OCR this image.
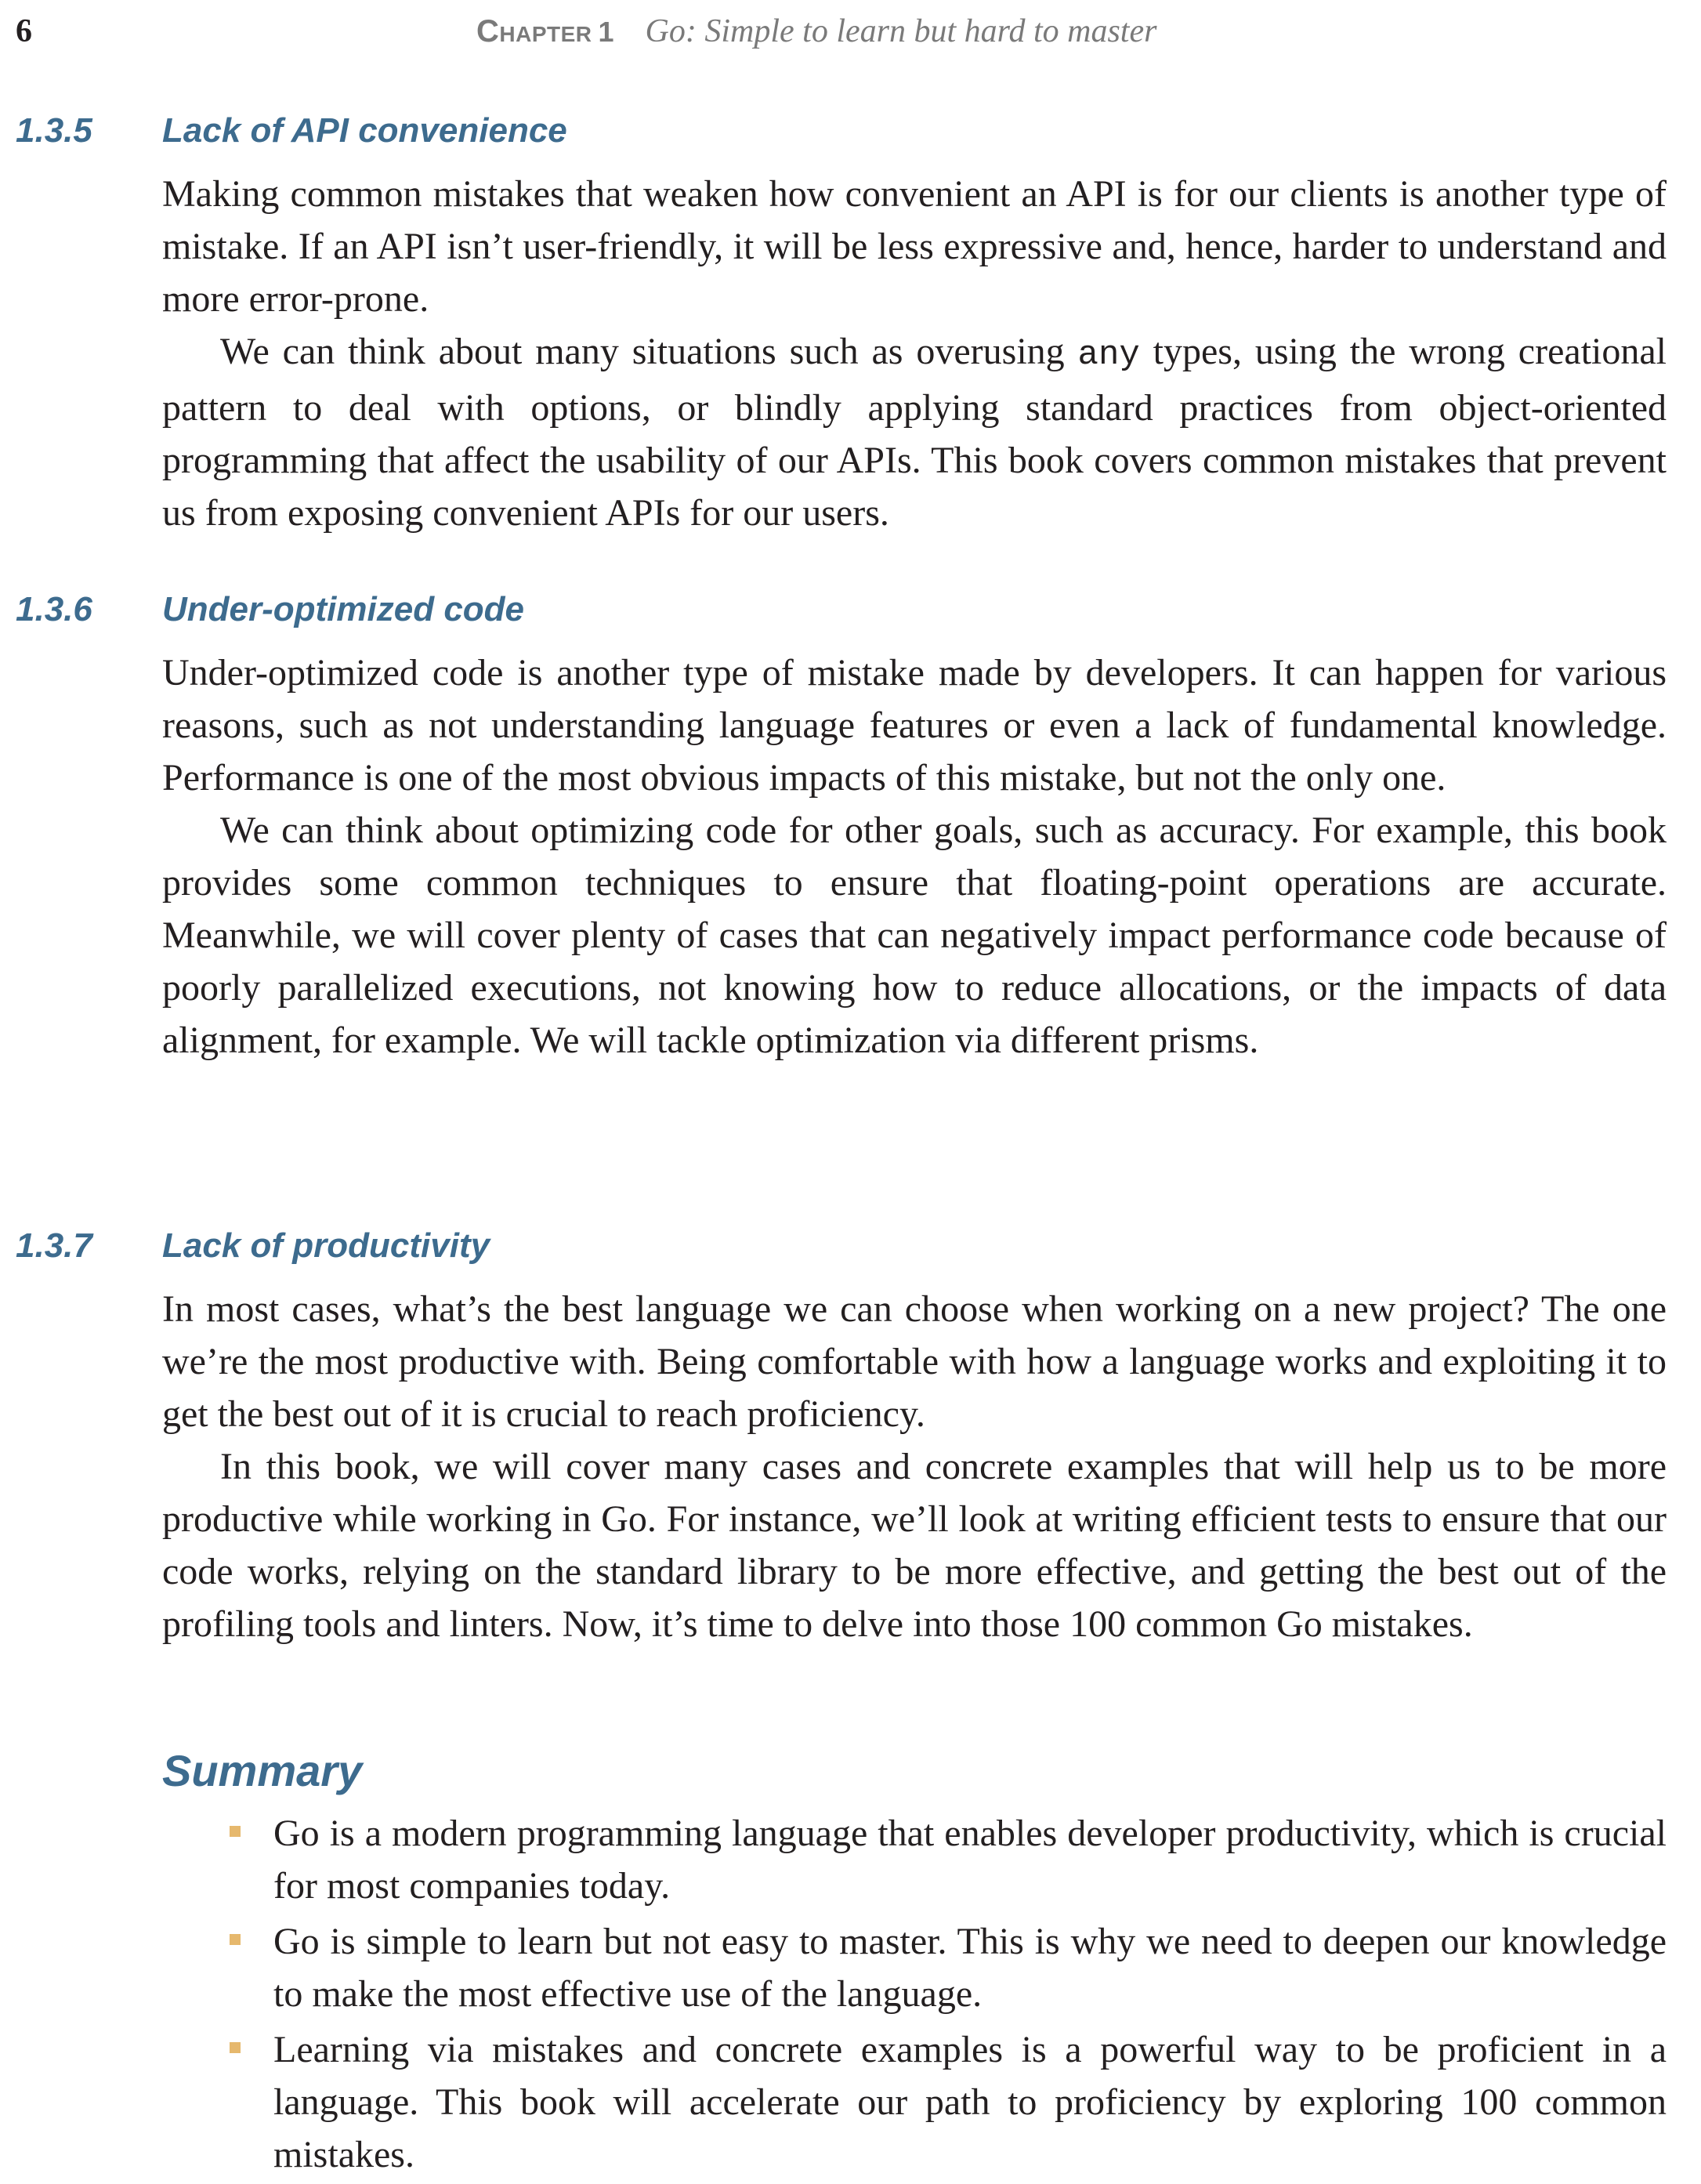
6	Chapter 1 Go: Simple to learn but hard to master
1.3.5 Lack of API convenience

Making common mistakes that weaken how convenient an API is for our clients is another type of mistake. If an API isn’t user-friendly, it will be less expressive and, hence, harder to understand and more error-prone.

We can think about many situations such as overusing any types, using the wrong creational pattern to deal with options, or blindly applying standard practices from object-oriented programming that affect the usability of our APIs. This book covers common mistakes that prevent us from exposing convenient APIs for our users.

1.3.6 Under-optimized code

Under-optimized code is another type of mistake made by developers. It can happen for various reasons, such as not understanding language features or even a lack of fundamental knowledge. Performance is one of the most obvious impacts of this mistake, but not the only one.

We can think about optimizing code for other goals, such as accuracy. For example, this book provides some common techniques to ensure that floating-point operations are accurate. Meanwhile, we will cover plenty of cases that can negatively impact performance code because of poorly parallelized executions, not knowing how to reduce allocations, or the impacts of data alignment, for example. We will tackle optimization via different prisms.

1.3.7 Lack of productivity

In most cases, what’s the best language we can choose when working on a new project? The one we’re the most productive with. Being comfortable with how a language works and exploiting it to get the best out of it is crucial to reach proficiency.

In this book, we will cover many cases and concrete examples that will help us to be more productive while working in Go. For instance, we’ll look at writing efficient tests to ensure that our code works, relying on the standard library to be more effective, and getting the best out of the profiling tools and linters. Now, it’s time to delve into those 100 common Go mistakes.

Summary
Go is a modern programming language that enables developer productivity, which is crucial for most companies today.
Go is simple to learn but not easy to master. This is why we need to deepen our knowledge to make the most effective use of the language.
Learning via mistakes and concrete examples is a powerful way to be proficient in a language. This book will accelerate our path to proficiency by exploring 100 common mistakes.
